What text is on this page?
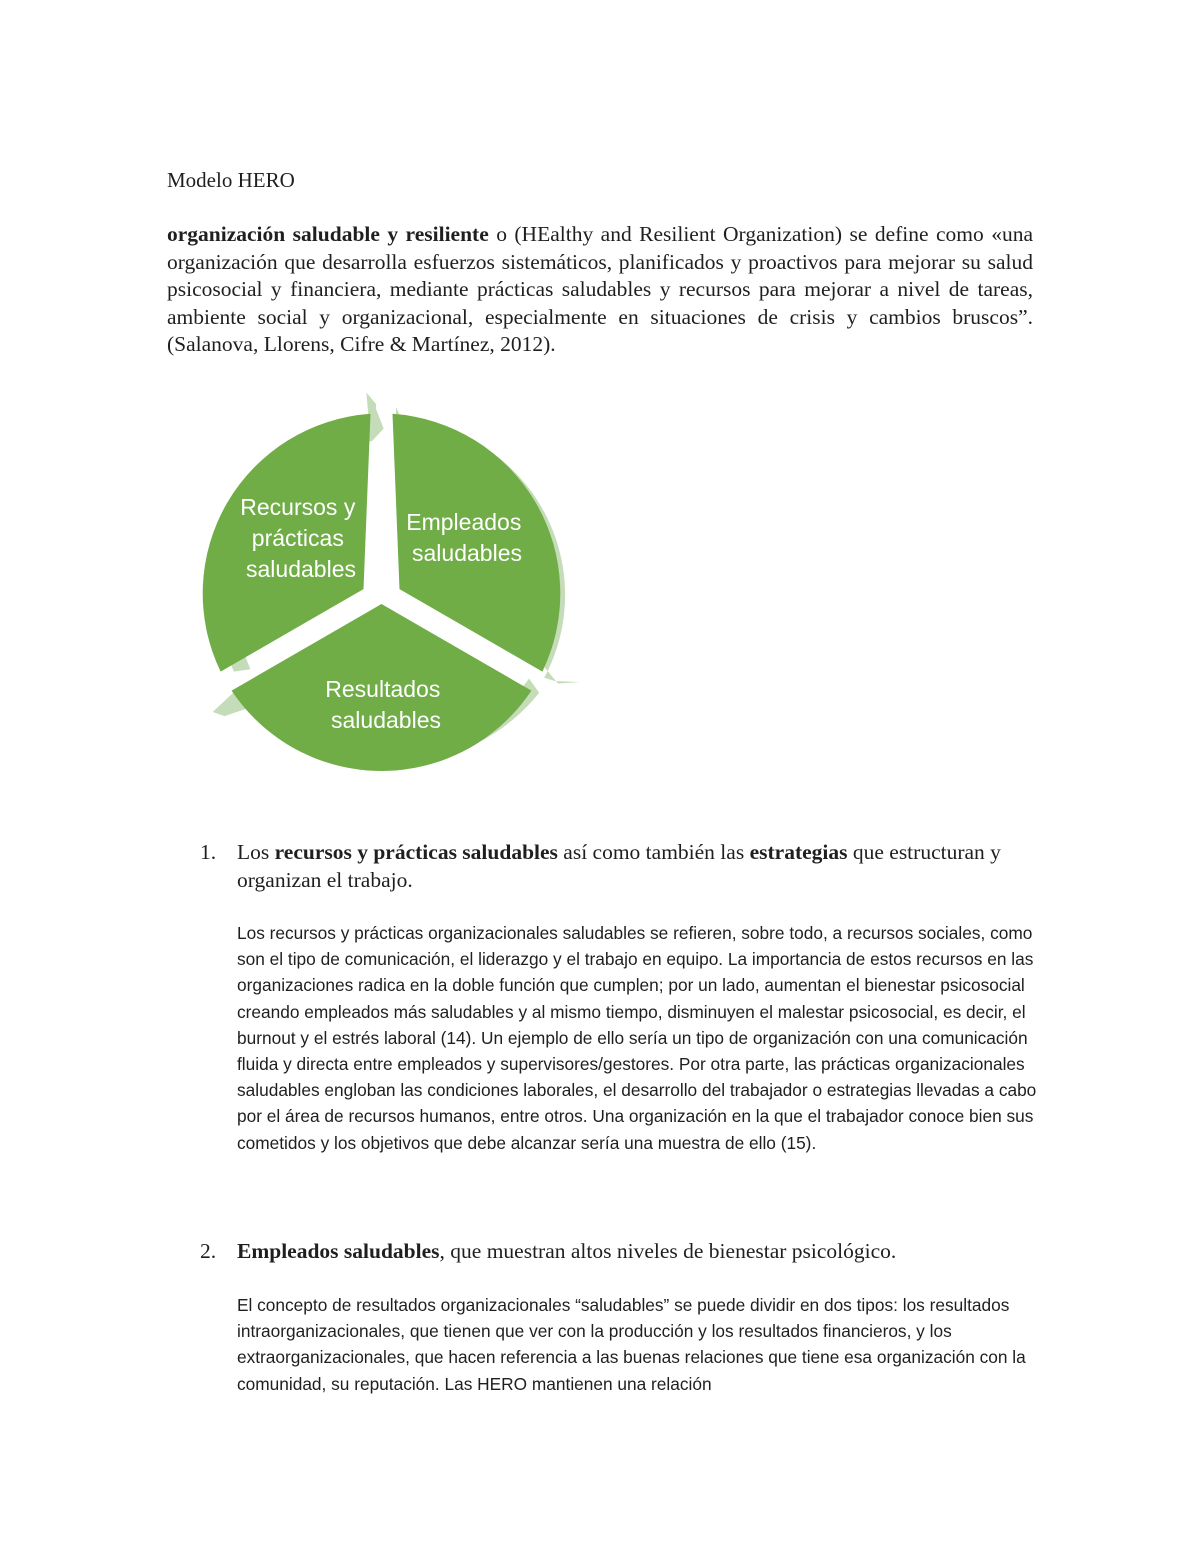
Modelo HERO
organización saludable y resiliente o (HEalthy and Resilient Organization) se define como «una organización que desarrolla esfuerzos sistemáticos, planificados y proactivos para mejorar su salud psicosocial y financiera, mediante prácticas saludables y recursos para mejorar a nivel de tareas, ambiente social y organizacional, especialmente en situaciones de crisis y cambios bruscos”. (Salanova, Llorens, Cifre & Martínez, 2012).
Recursos y prácticas saludables
Empleados saludables
Resultados saludables
1. Los recursos y prácticas saludables así como también las estrategias que estructuran y organizan el trabajo.
Los recursos y prácticas organizacionales saludables se refieren, sobre todo, a recursos sociales, como son el tipo de comunicación, el liderazgo y el trabajo en equipo. La importancia de estos recursos en las organizaciones radica en la doble función que cumplen; por un lado, aumentan el bienestar psicosocial creando empleados más saludables y al mismo tiempo, disminuyen el malestar psicosocial, es decir, el burnout y el estrés laboral (14). Un ejemplo de ello sería un tipo de organización con una comunicación fluida y directa entre empleados y supervisores/gestores. Por otra parte, las prácticas organizacionales saludables engloban las condiciones laborales, el desarrollo del trabajador o estrategias llevadas a cabo por el área de recursos humanos, entre otros. Una organización en la que el trabajador conoce bien sus cometidos y los objetivos que debe alcanzar sería una muestra de ello (15).
2. Empleados saludables, que muestran altos niveles de bienestar psicológico.
El concepto de resultados organizacionales “saludables” se puede dividir en dos tipos: los resultados intraorganizacionales, que tienen que ver con la producción y los resultados financieros, y los extraorganizacionales, que hacen referencia a las buenas relaciones que tiene esa organización con la comunidad, su reputación. Las HERO mantienen una relación
